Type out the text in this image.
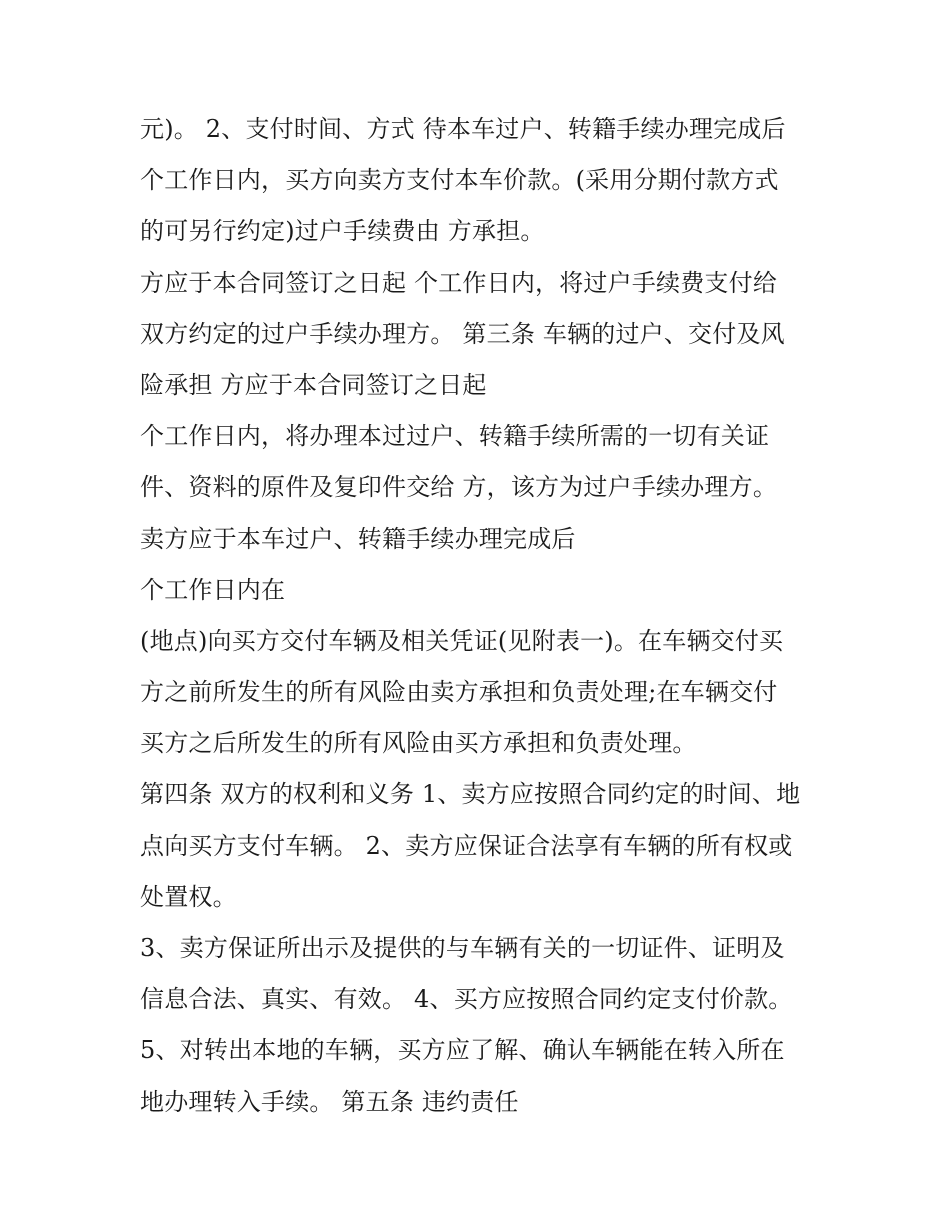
元)。 2、支付时间、方式 待本车过户、转籍手续办理完成后
个工作日内，买方向卖方支付本车价款。(采用分期付款方式
的可另行约定)过户手续费由 方承担。
方应于本合同签订之日起 个工作日内，将过户手续费支付给
双方约定的过户手续办理方。 第三条 车辆的过户、交付及风
险承担 方应于本合同签订之日起
个工作日内，将办理本过过户、转籍手续所需的一切有关证
件、资料的原件及复印件交给 方，该方为过户手续办理方。
卖方应于本车过户、转籍手续办理完成后
个工作日内在
(地点)向买方交付车辆及相关凭证(见附表一)。在车辆交付买
方之前所发生的所有风险由卖方承担和负责处理;在车辆交付
买方之后所发生的所有风险由买方承担和负责处理。
第四条 双方的权利和义务 1、卖方应按照合同约定的时间、地
点向买方支付车辆。 2、卖方应保证合法享有车辆的所有权或
处置权。
3、卖方保证所出示及提供的与车辆有关的一切证件、证明及
信息合法、真实、有效。 4、买方应按照合同约定支付价款。
5、对转出本地的车辆，买方应了解、确认车辆能在转入所在
地办理转入手续。 第五条 违约责任
